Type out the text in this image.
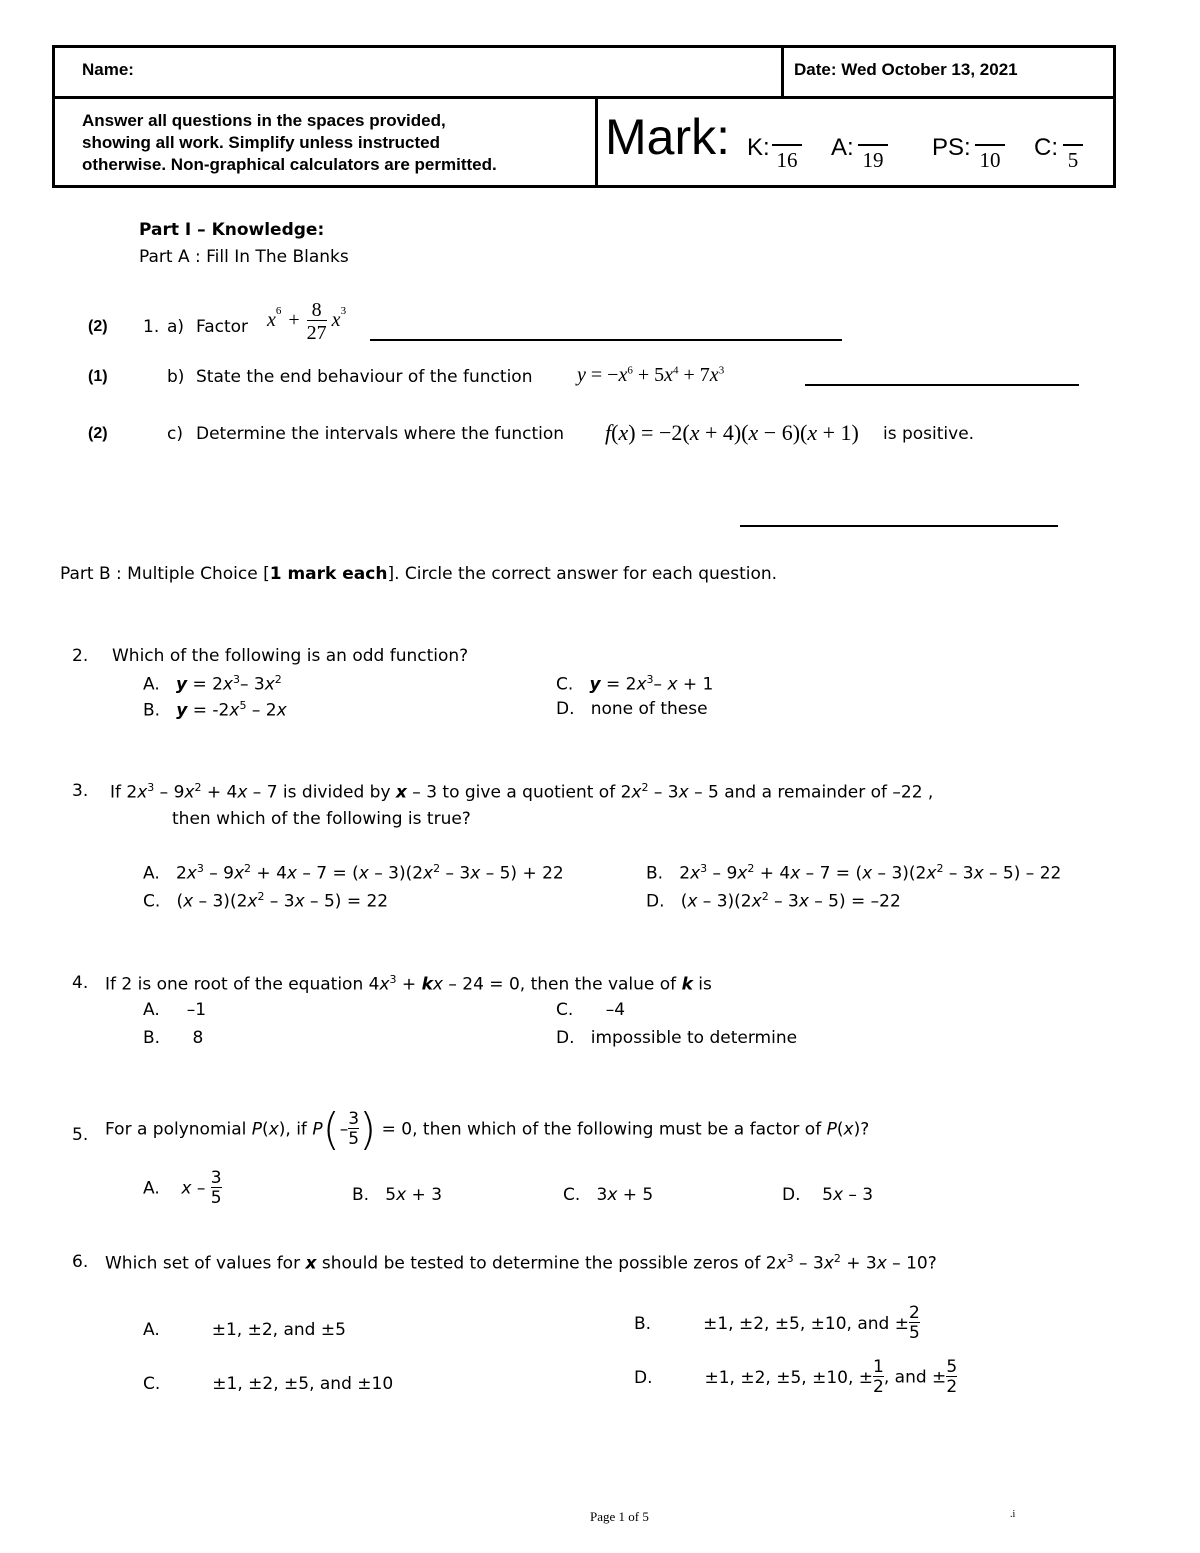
Name:	Date: Wed October 13, 2021
Answer all questions in the spaces provided,
showing all work. Simplify unless instructed
otherwise. Non-graphical calculators are permitted. Mark: K: 16 A: 19 PS: 10 C: 5
Part I – Knowledge:
Part A : Fill In The Blanks
(2) 1. a) Factor $x^6 + \frac{8}{27} x^3$
(1)	b) State the end behaviour of the function $y = -x^6 + 5x^4 + 7x^3$
(2)	c) Determine the intervals where the function f(x) = −2(x + 4)(x − 6)(x + 1) is positive.
Part B : Multiple Choice [1 mark each]. Circle the correct answer for each question.
2. Which of the following is an odd function?
A.   $y = 2x^3-$ $3x^2$
B.   $y = -2x^5 - 2x$
C.   $y = 2x^3-$ x + 1
D.   none of these
3. If $2x^3 - 9x^2 + 4x - 7$ is divided by x – 3 to give a quotient of $2x^2 - 3x - 5$ and a remainder of –22 ,
then which of the following is true?
A.   $2x^3 - 9x^2 + 4x - 7 = (x - 3)(2x^2 - 3x - 5) + 22$	B.   $2x^3 - 9x^2 + 4x - 7 = (x - 3)(2x^2 - 3x - 5) - 22$
C.   $(x - 3)(2x^2 - 3x - 5) = 22$	D.   $(x - 3)(2x^2 - 3x - 5) = -22$
4. If 2 is one root of the equation $4x^3$ + kx – 24 = 0, then the value of k is
A.     –1
B.      8
C.      –4
D.   impossible to determine
5. For a polynomial P(x), if $P(- \frac{3}{5}$ ) = 0, then which of the following must be a factor of P(x)?
A.    x – $\frac{3}{5}$	B.   5x + 3	C.   3x + 5	D.    5x – 3
6. Which set of values for x should be tested to determine the possible zeros of $2x^3 - 3x^2 + 3x - 10$?
A.	±1, ±2, and ±5	B.	±1, ±2, ±5, ±10, and ± $\frac{2}{5}$
C.	±1, ±2, ±5, and ±10	D.	±1, ±2, ±5, ±10, ± $\frac{1}{2}$ , and ± $\frac{5}{2}$
Page 1 of 5	.i
